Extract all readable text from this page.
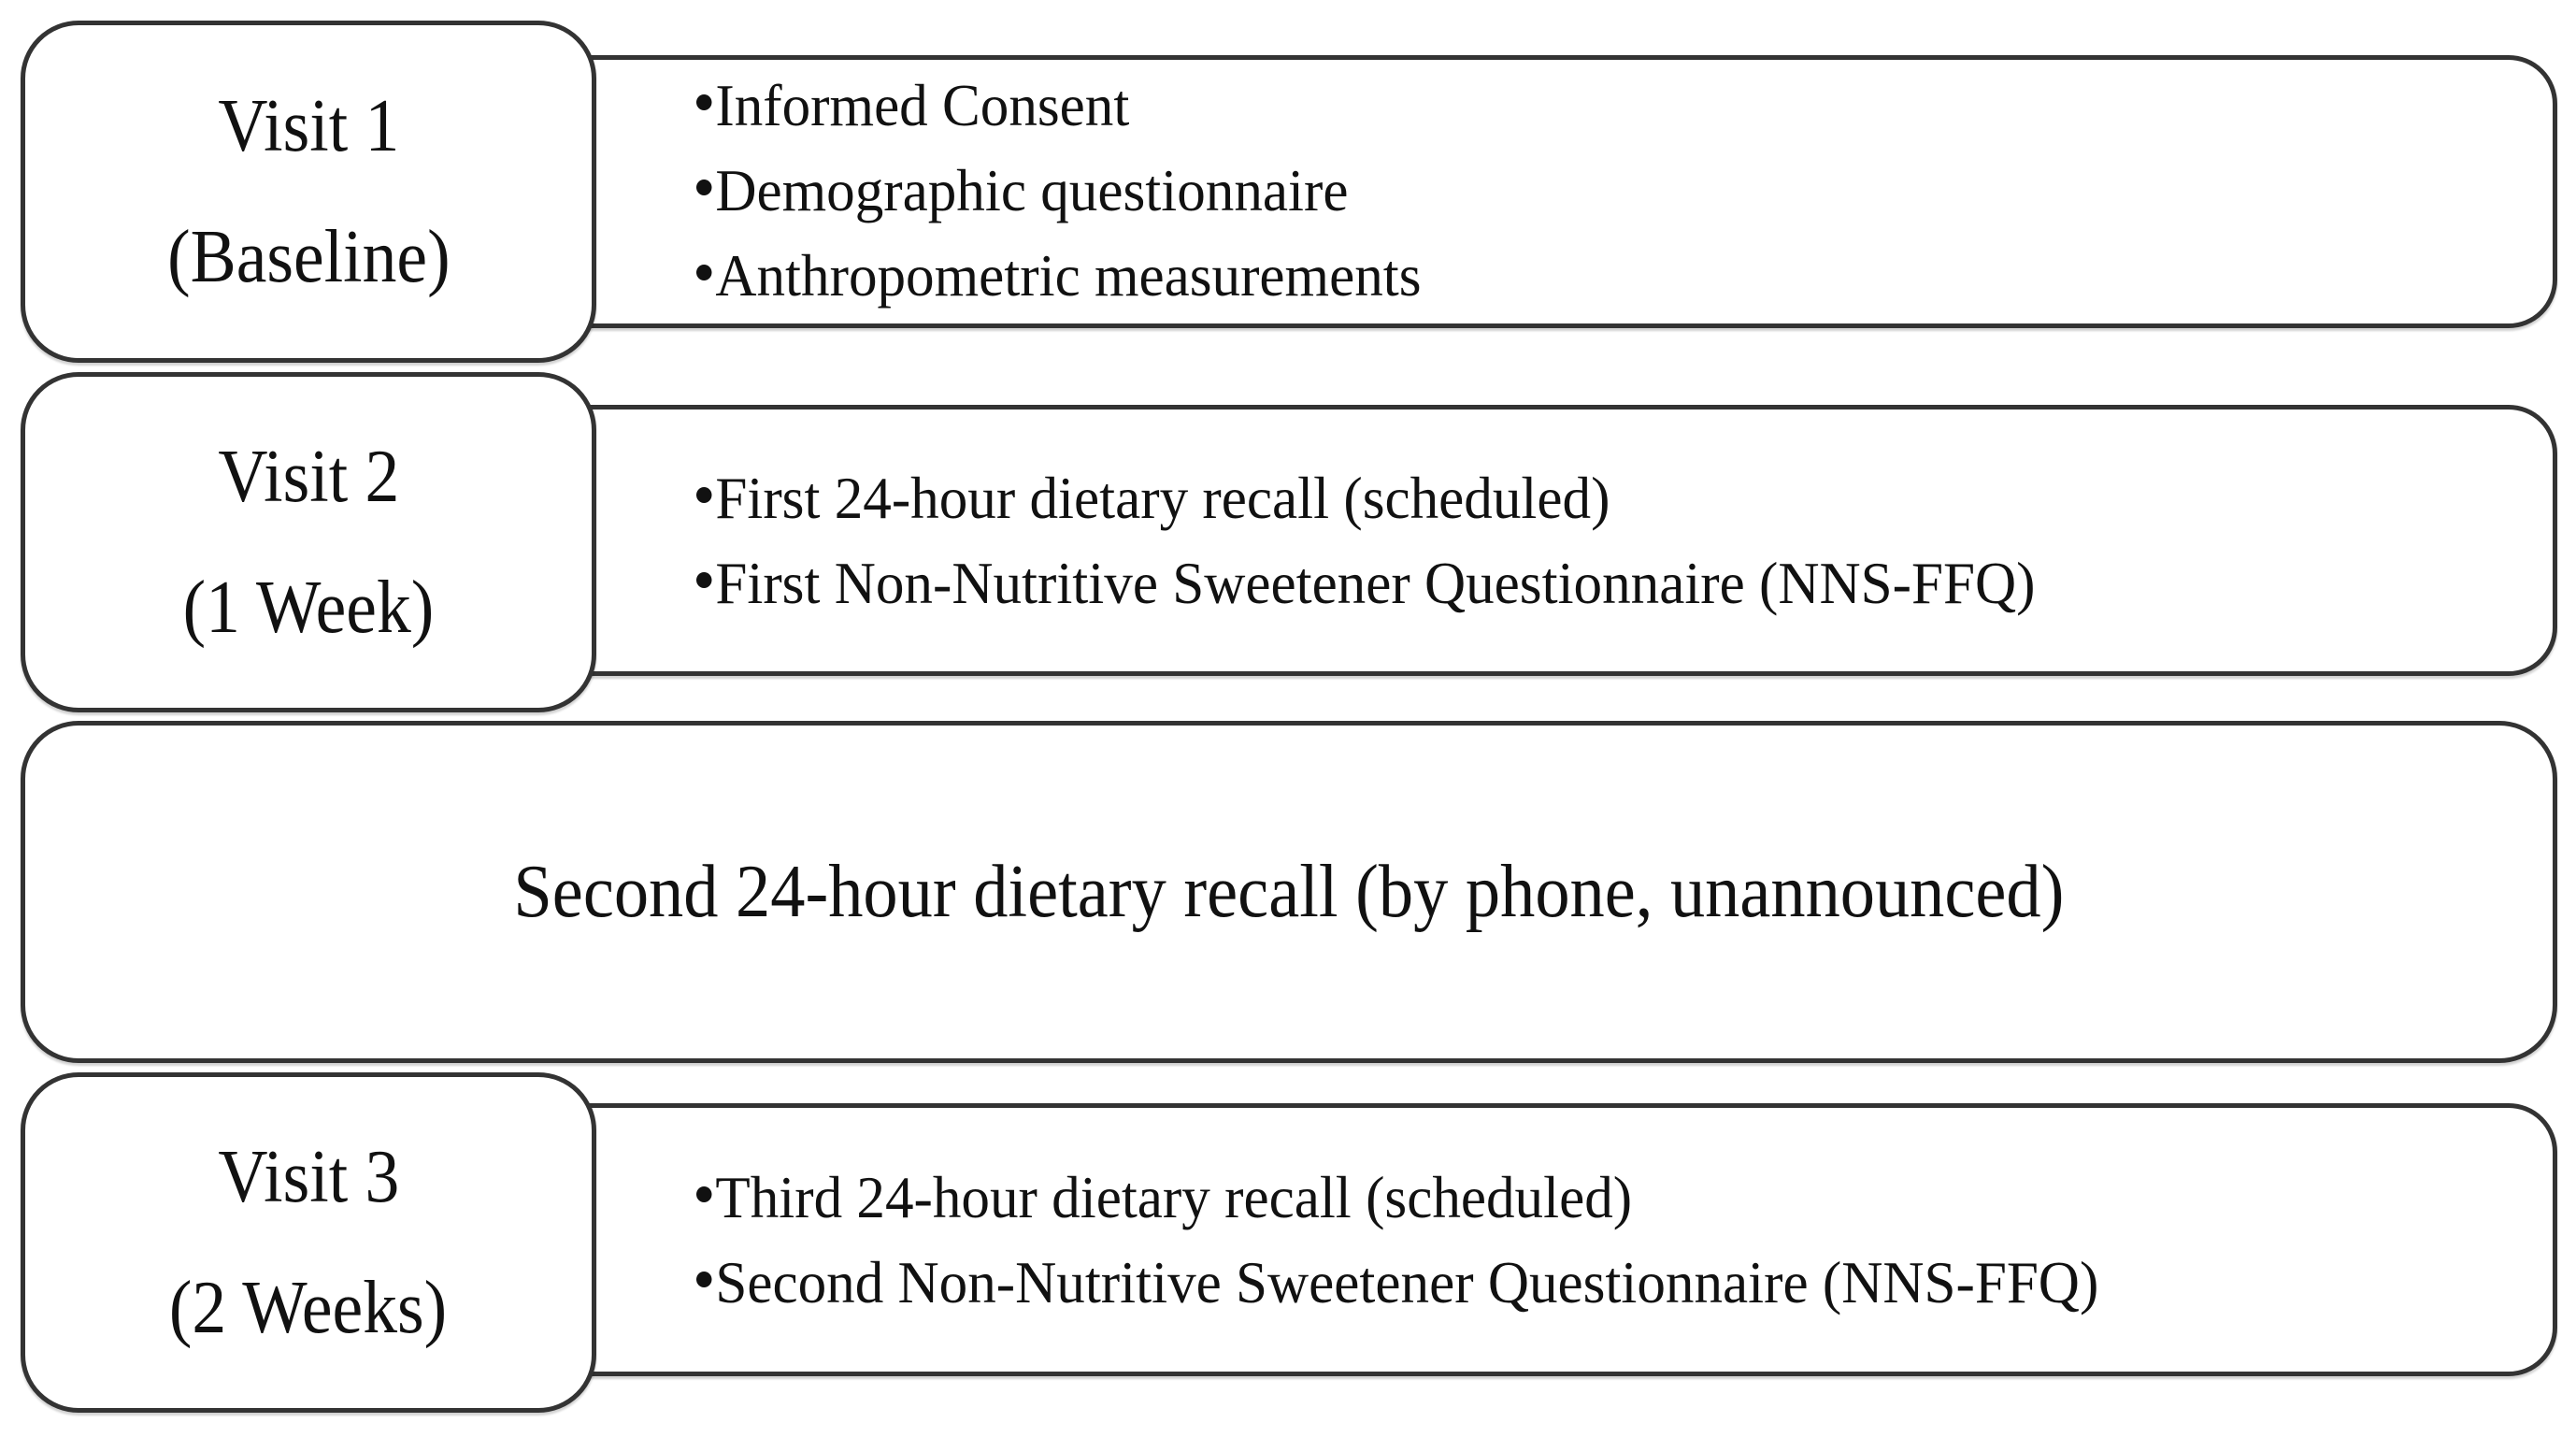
Visit 1
(Baseline)
Informed Consent
Demographic questionnaire
Anthropometric measurements
Visit 2
(1 Week)
First 24-hour dietary recall (scheduled)
First Non-Nutritive Sweetener Questionnaire (NNS-FFQ)
Second 24-hour dietary recall (by phone, unannounced)
Visit 3
(2 Weeks)
Third 24-hour dietary recall (scheduled)
Second Non-Nutritive Sweetener Questionnaire (NNS-FFQ)
